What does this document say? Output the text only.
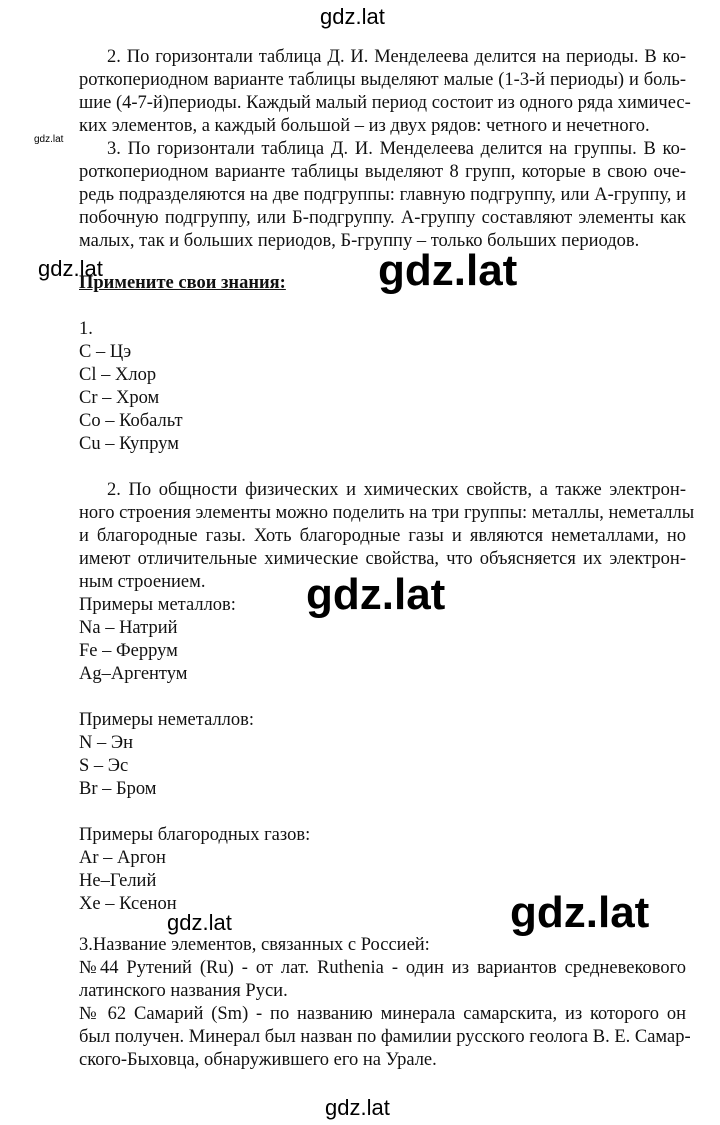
gdz.lat
gdz.lat
gdz.lat	gdz.lat
gdz.lat
gdz.lat	gdz.lat
gdz.lat
2. По горизонтали таблица Д. И. Менделеева делится на периоды. В ко-
роткопериодном варианте таблицы выделяют малые (1-3-й периоды) и боль-
шие (4-7-й)периоды. Каждый малый период состоит из одного ряда химичес-
ких элементов, а каждый большой – из двух рядов: четного и нечетного.
3. По горизонтали таблица Д. И. Менделеева делится на группы. В ко-
роткопериодном варианте таблицы выделяют 8 групп, которые в свою оче-
редь подразделяются на две подгруппы: главную подгруппу, или А-группу, и
побочную подгруппу, или Б-подгруппу. А-группу составляют элементы как
малых, так и больших периодов, Б-группу – только больших периодов.
Примените свои знания:
1.
С – Цэ
Cl – Хлор
Cr – Хром
Co – Кобальт
Cu – Купрум
2. По общности физических и химических свойств, а также электрон-
ного строения элементы можно поделить на три группы: металлы, неметаллы
и благородные газы. Хоть благородные газы и являются неметаллами, но
имеют отличительные химические свойства, что объясняется их электрон-
ным строением.
Примеры металлов:
Na – Натрий
Fe – Феррум
Ag–Аргентум
Примеры неметаллов:
N – Эн
S – Эс
Br – Бром
Примеры благородных газов:
Ar – Аргон
He–Гелий
Xe – Ксенон
3.Название элементов, связанных с Россией:
№44 Рутений (Ru) - от лат. Ruthenia - один из вариантов средневекового
латинского названия Руси.
№ 62 Самарий (Sm) - по названию минерала самарскита, из которого он
был получен. Минерал был назван по фамилии русского геолога В. Е. Самар-
ского-Быховца, обнаружившего его на Урале.
